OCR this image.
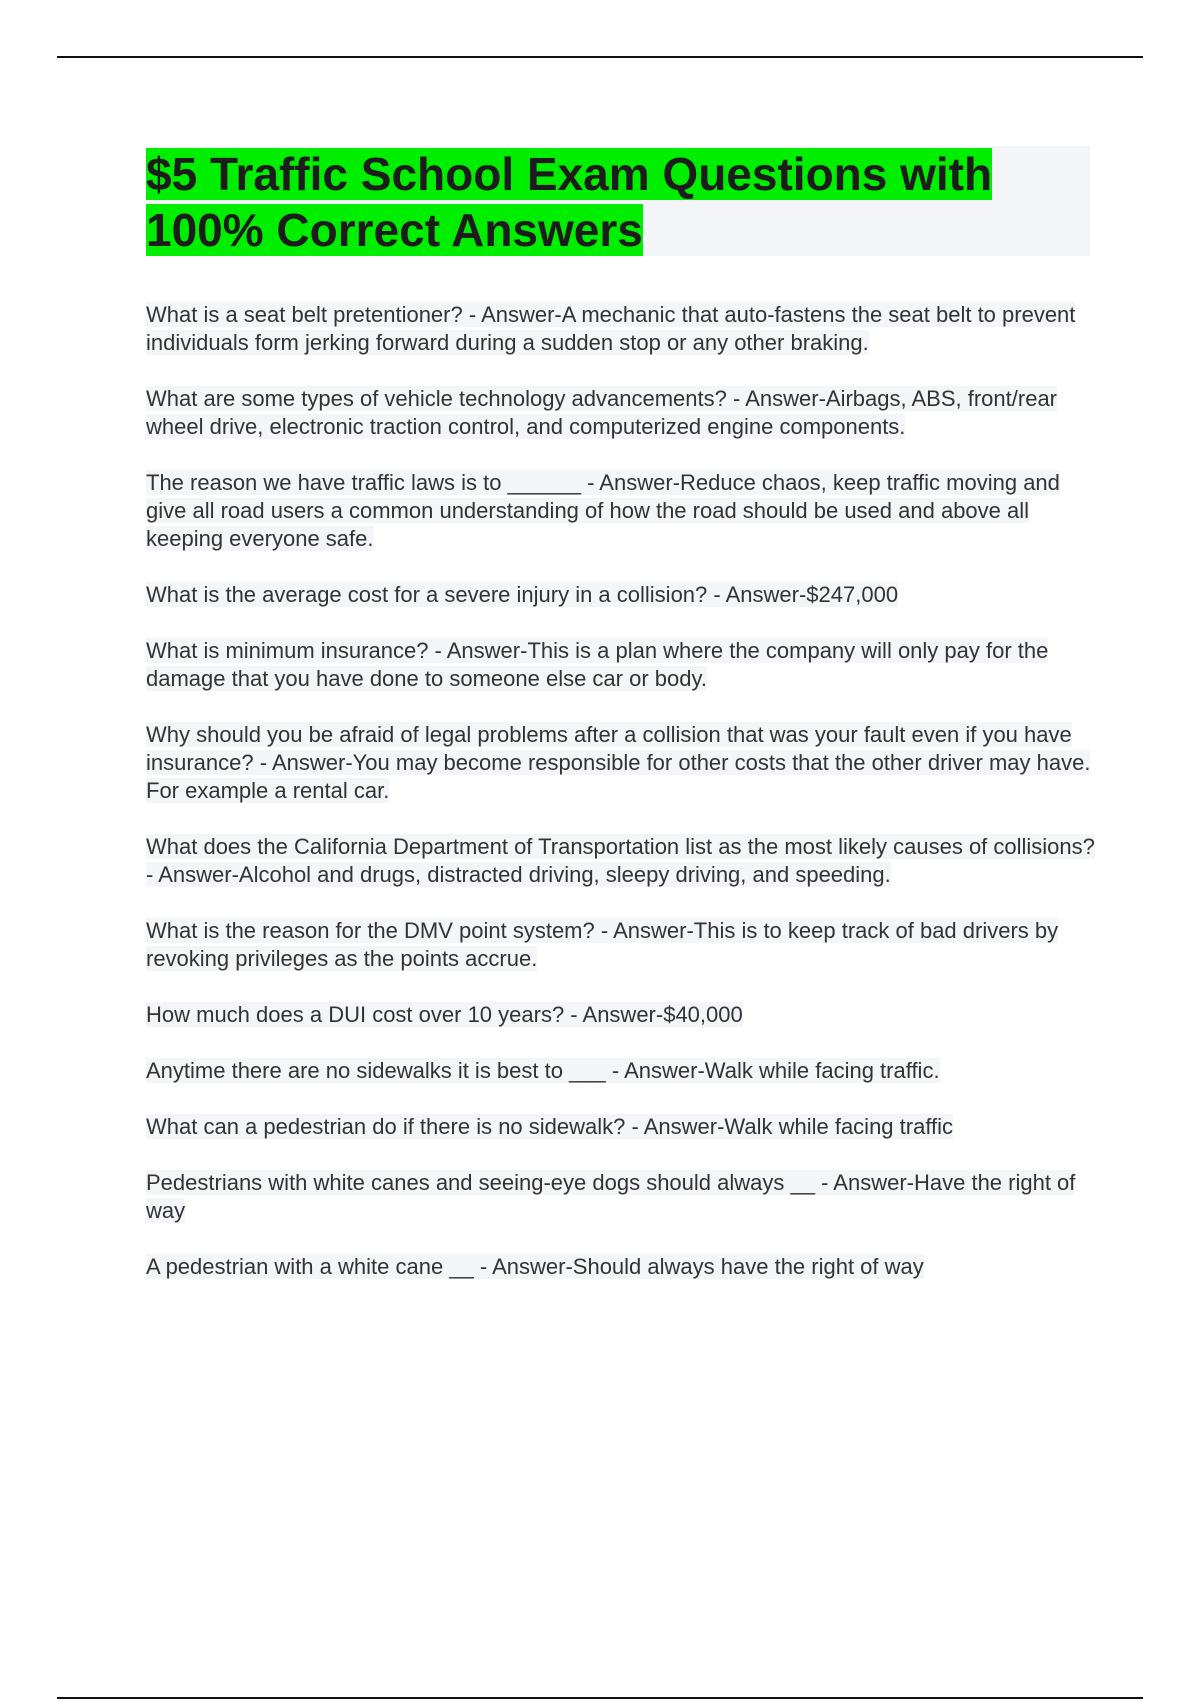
$5 Traffic School Exam Questions with
100% Correct Answers

What is a seat belt pretentioner? - Answer-A mechanic that auto-fastens the seat belt to prevent individuals form jerking forward during a sudden stop or any other braking.

What are some types of vehicle technology advancements? - Answer-Airbags, ABS, front/rear wheel drive, electronic traction control, and computerized engine components.

The reason we have traffic laws is to ______ - Answer-Reduce chaos, keep traffic moving and give all road users a common understanding of how the road should be used and above all keeping everyone safe.

What is the average cost for a severe injury in a collision? - Answer-$247,000

What is minimum insurance? - Answer-This is a plan where the company will only pay for the damage that you have done to someone else car or body.

Why should you be afraid of legal problems after a collision that was your fault even if you have insurance? - Answer-You may become responsible for other costs that the other driver may have. For example a rental car.

What does the California Department of Transportation list as the most likely causes of collisions? - Answer-Alcohol and drugs, distracted driving, sleepy driving, and speeding.

What is the reason for the DMV point system? - Answer-This is to keep track of bad drivers by revoking privileges as the points accrue.

How much does a DUI cost over 10 years? - Answer-$40,000

Anytime there are no sidewalks it is best to ___ - Answer-Walk while facing traffic.

What can a pedestrian do if there is no sidewalk? - Answer-Walk while facing traffic

Pedestrians with white canes and seeing-eye dogs should always __ - Answer-Have the right of way

A pedestrian with a white cane __ - Answer-Should always have the right of way
